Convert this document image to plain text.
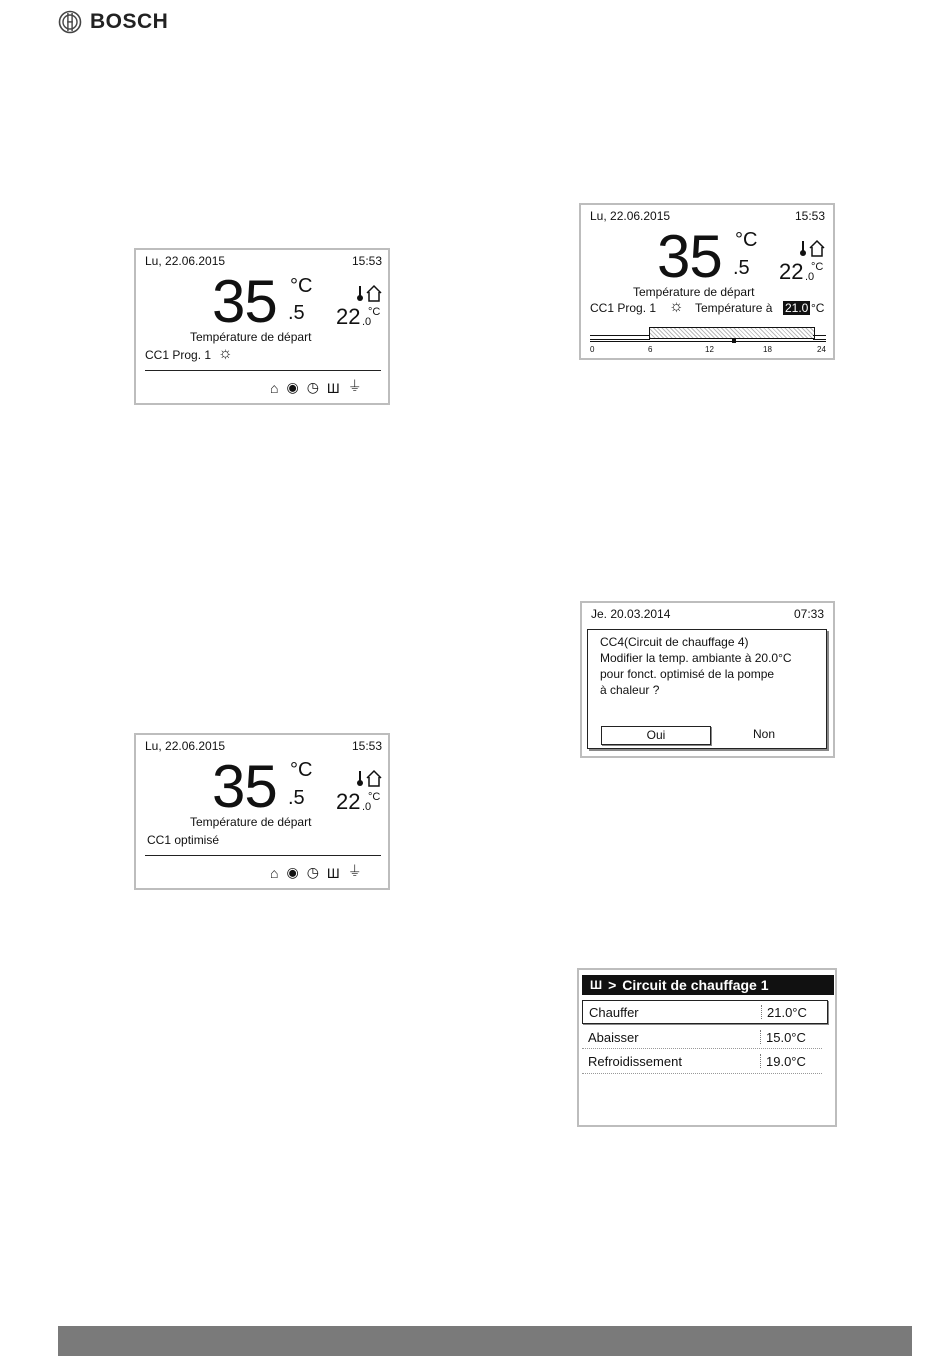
BOSCH
Lu, 22.06.2015	15:53
35 °C
.5 22 °C
.0
Température de départ
CC1 Prog. 1 ☼
⌂ ◉ ◷ Ш ⏚
Lu, 22.06.2015	15:53
35 °C
.5 22 °C
.0
Température de départ
CC1 Prog. 1 ☼ Température à 21.0 °C
0	6	12	18	24
Lu, 22.06.2015	15:53
35 °C
.5 22 °C
.0
Température de départ
CC1 optimisé
⌂ ◉ ◷ Ш ⏚
Je. 20.03.2014	07:33
CC4(Circuit de chauffage 4)
Modifier la temp. ambiante à 20.0°C
pour fonct. optimisé de la pompe
à chaleur ?
Oui	Non
Ш > Circuit de chauffage 1
Chauffer	21.0°C
Abaisser	15.0°C
Refroidissement	19.0°C
